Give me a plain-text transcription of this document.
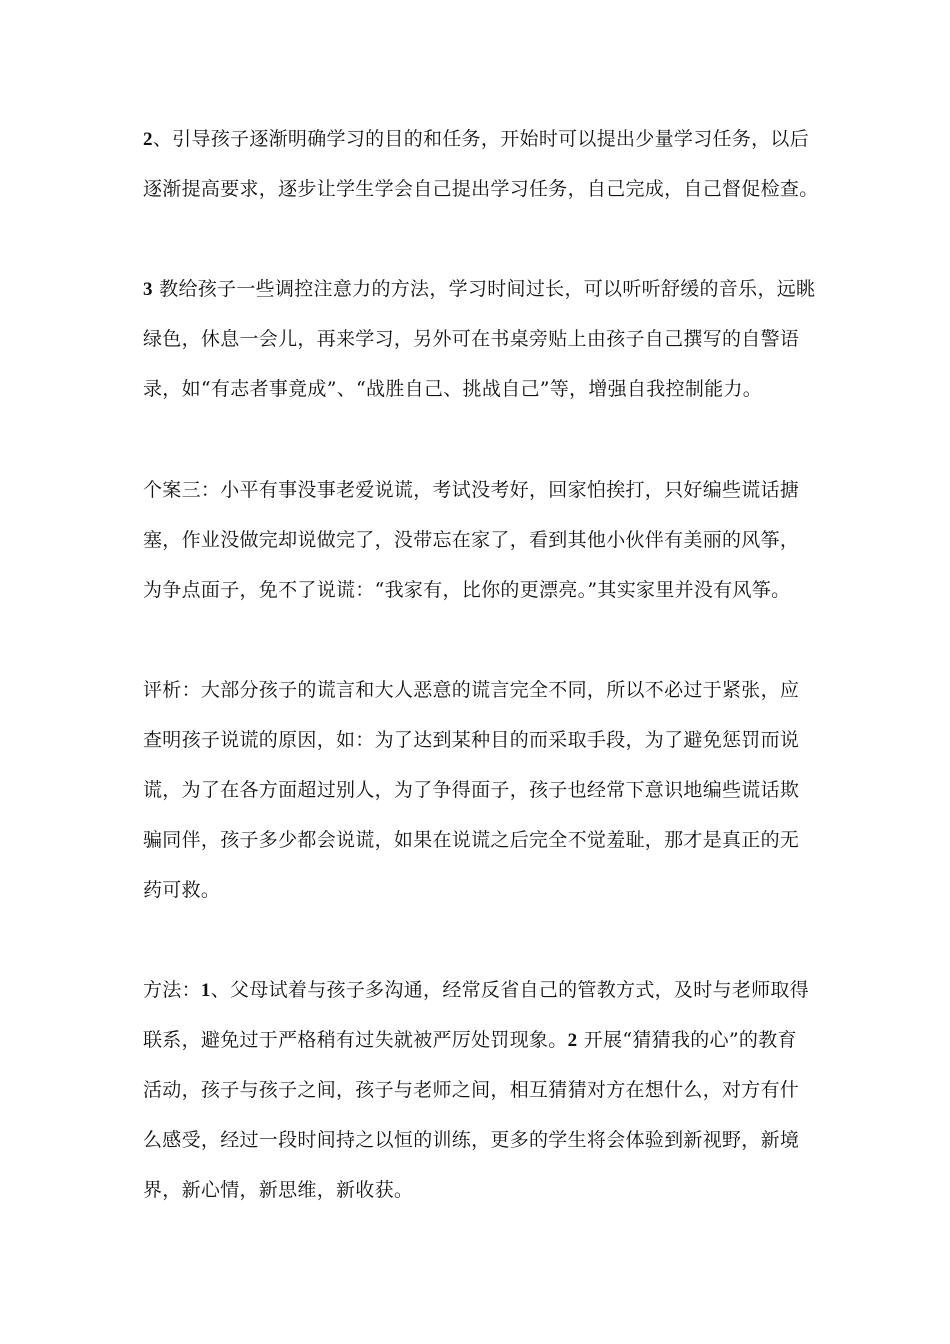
2、引导孩子逐渐明确学习的目的和任务，开始时可以提出少量学习任务，以后
逐渐提高要求，逐步让学生学会自己提出学习任务，自己完成，自己督促检查。
3 教给孩子一些调控注意力的方法，学习时间过长，可以听听舒缓的音乐，远眺
绿色，休息一会儿，再来学习，另外可在书桌旁贴上由孩子自己撰写的自警语
录，如“有志者事竟成”、“战胜自己、挑战自己”等，增强自我控制能力。
个案三：小平有事没事老爱说谎，考试没考好，回家怕挨打，只好编些谎话搪
塞，作业没做完却说做完了，没带忘在家了，看到其他小伙伴有美丽的风筝，
为争点面子，免不了说谎：“我家有，比你的更漂亮。”其实家里并没有风筝。
评析：大部分孩子的谎言和大人恶意的谎言完全不同，所以不必过于紧张，应
查明孩子说谎的原因，如：为了达到某种目的而采取手段，为了避免惩罚而说
谎，为了在各方面超过别人，为了争得面子，孩子也经常下意识地编些谎话欺
骗同伴，孩子多少都会说谎，如果在说谎之后完全不觉羞耻，那才是真正的无
药可救。
方法：1、父母试着与孩子多沟通，经常反省自己的管教方式，及时与老师取得
联系，避免过于严格稍有过失就被严厉处罚现象。2 开展“猜猜我的心”的教育
活动，孩子与孩子之间，孩子与老师之间，相互猜猜对方在想什么，对方有什
么感受，经过一段时间持之以恒的训练，更多的学生将会体验到新视野，新境
界，新心情，新思维，新收获。
